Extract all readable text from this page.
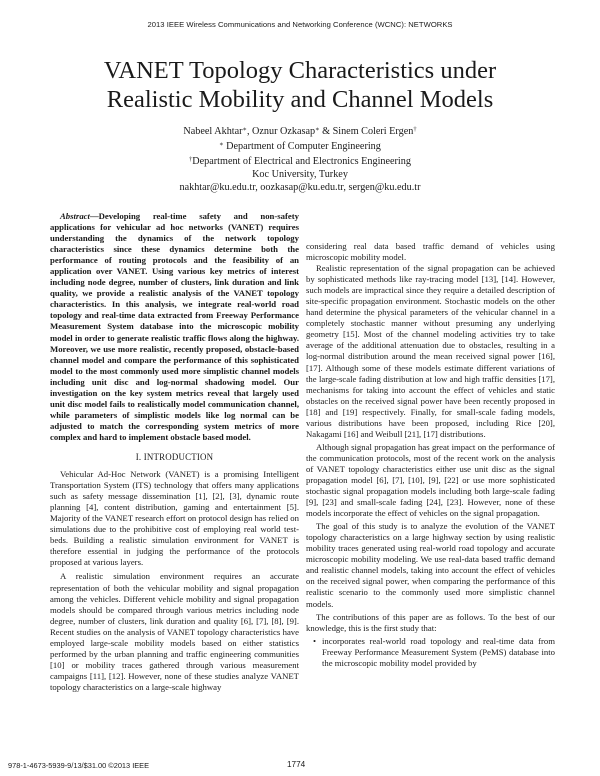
2013 IEEE Wireless Communications and Networking Conference (WCNC): NETWORKS
VANET Topology Characteristics under
Realistic Mobility and Channel Models
Nabeel Akhtar∗, Oznur Ozkasap∗ & Sinem Coleri Ergen†
∗ Department of Computer Engineering
†Department of Electrical and Electronics Engineering
Koc University, Turkey
nakhtar@ku.edu.tr, oozkasap@ku.edu.tr, sergen@ku.edu.tr

Abstract—Developing real-time safety and non-safety applications for vehicular ad hoc networks (VANET) requires understanding the dynamics of the network topology characteristics since these dynamics determine both the performance of routing protocols and the feasibility of an application over VANET. Using various key metrics of interest including node degree, number of clusters, link duration and link quality, we provide a realistic analysis of the VANET topology characteristics. In this analysis, we integrate real-world road topology and real-time data extracted from Freeway Performance Measurement System database into the microscopic mobility model in order to generate realistic traffic flows along the highway. Moreover, we use more realistic, recently proposed, obstacle-based channel model and compare the performance of this sophisticated model to the most commonly used more simplistic channel models including unit disc and log-normal shadowing model. Our investigation on the key system metrics reveal that largely used unit disc model fails to realistically model communication channel, while parameters of simplistic models like log normal can be adjusted to match the corresponding system metrics of more complex and hard to implement obstacle based model.

I. INTRODUCTION

Vehicular Ad-Hoc Network (VANET) is a promising Intelligent Transportation System (ITS) technology that offers many applications such as safety message dissemination [1], [2], [3], dynamic route planning [4], content distribution, gaming and entertainment [5]. Majority of the VANET research effort on protocol design has relied on simulations due to the prohibitive cost of employing real world test-beds. Building a realistic simulation environment for VANET is therefore essential in judging the performance of the protocols proposed at various layers.

A realistic simulation environment requires an accurate representation of both the vehicular mobility and signal propagation among the vehicles. Different vehicle mobility and signal propagation models should be compared through various metrics including node degree, number of clusters, link duration and quality [6], [7], [8], [9]. Recent studies on the analysis of VANET topology characteristics have employed large-scale mobility models based on either statistics performed by the urban planning and traffic engineering communities [10] or mobility traces gathered through various measurement campaigns [11], [12]. However, none of these studies analyze VANET topology characteristics on a large-scale highway

considering real data based traffic demand of vehicles using microscopic mobility model.

Realistic representation of the signal propagation can be achieved by sophisticated methods like ray-tracing model [13], [14]. However, such models are impractical since they require a detailed description of site-specific propagation environment. Stochastic models on the other hand determine the physical parameters of the vehicular channel in a completely stochastic manner without presuming any underlying geometry [15]. Most of the channel modeling activities try to take average of the additional attenuation due to obstacles, resulting in a log-normal distribution around the mean received signal power [16], [17]. Although some of these models estimate different variations of the large-scale fading distribution at low and high traffic densities [17], mechanisms for taking into account the effect of vehicles and static obstacles on the received signal power have been recently proposed in [18] and [19] respectively. Finally, for small-scale fading models, various distributions have been proposed, including Rice [20], Nakagami [16] and Weibull [21], [17] distributions.

Although signal propagation has great impact on the performance of the communication protocols, most of the recent work on the analysis of VANET topology characteristics either use unit disc as the signal propagation model [6], [7], [10], [9], [22] or use more sophisticated stochastic signal propagation models including both large-scale fading [9], [23] and small-scale fading [24], [23]. However, none of these models incorporate the effect of vehicles on the signal propagation.

The goal of this study is to analyze the evolution of the VANET topology characteristics on a large highway section by using realistic mobility traces generated using real-world road topology and accurate microscopic mobility modeling. We use real-data based traffic demand and realistic channel models, taking into account the effect of vehicles on the received signal power, when comparing the performance of this realistic scenario to the commonly used more simplistic channel models.

The contributions of this paper are as follows. To the best of our knowledge, this is the first study that:

• incorporates real-world road topology and real-time data from Freeway Performance Measurement System (PeMS) database into the microscopic mobility model provided by
978-1-4673-5939-9/13/$31.00 ©2013 IEEE	1774
